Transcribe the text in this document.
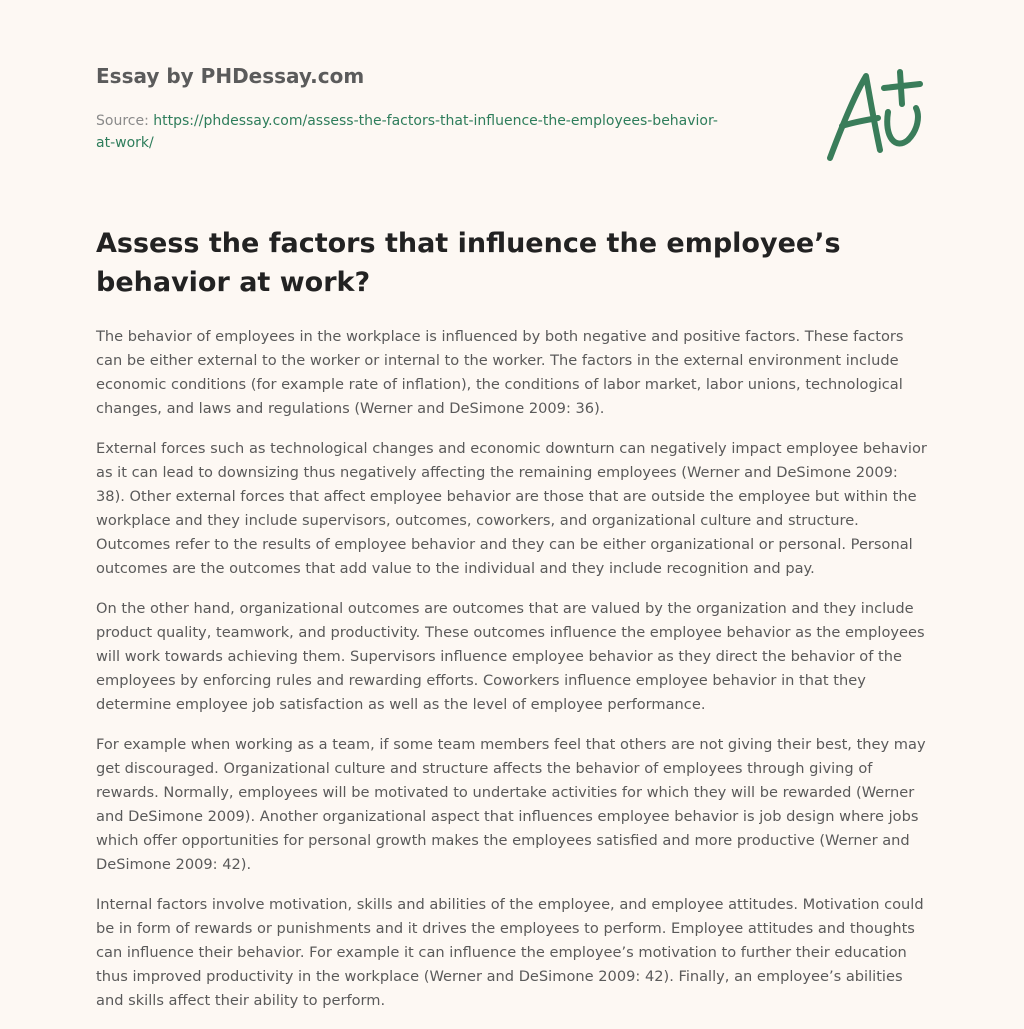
Essay by PHDessay.com
Source: https://phdessay.com/assess-the-factors-that-influence-the-employees-behavior-at-work/
Assess the factors that influence the employee’s behavior at work?

The behavior of employees in the workplace is influenced by both negative and positive factors. These factors can be either external to the worker or internal to the worker. The factors in the external environment include economic conditions (for example rate of inflation), the conditions of labor market, labor unions, technological changes, and laws and regulations (Werner and DeSimone 2009: 36).

External forces such as technological changes and economic downturn can negatively impact employee behavior as it can lead to downsizing thus negatively affecting the remaining employees (Werner and DeSimone 2009: 38). Other external forces that affect employee behavior are those that are outside the employee but within the workplace and they include supervisors, outcomes, coworkers, and organizational culture and structure. Outcomes refer to the results of employee behavior and they can be either organizational or personal. Personal outcomes are the outcomes that add value to the individual and they include recognition and pay.

On the other hand, organizational outcomes are outcomes that are valued by the organization and they include product quality, teamwork, and productivity. These outcomes influence the employee behavior as the employees will work towards achieving them. Supervisors influence employee behavior as they direct the behavior of the employees by enforcing rules and rewarding efforts. Coworkers influence employee behavior in that they determine employee job satisfaction as well as the level of employee performance.

For example when working as a team, if some team members feel that others are not giving their best, they may get discouraged. Organizational culture and structure affects the behavior of employees through giving of rewards. Normally, employees will be motivated to undertake activities for which they will be rewarded (Werner and DeSimone 2009). Another organizational aspect that influences employee behavior is job design where jobs which offer opportunities for personal growth makes the employees satisfied and more productive (Werner and DeSimone 2009: 42).

Internal factors involve motivation, skills and abilities of the employee, and employee attitudes. Motivation could be in form of rewards or punishments and it drives the employees to perform. Employee attitudes and thoughts can influence their behavior. For example it can influence the employee’s motivation to further their education thus improved productivity in the workplace (Werner and DeSimone 2009: 42). Finally, an employee’s abilities and skills affect their ability to perform.
